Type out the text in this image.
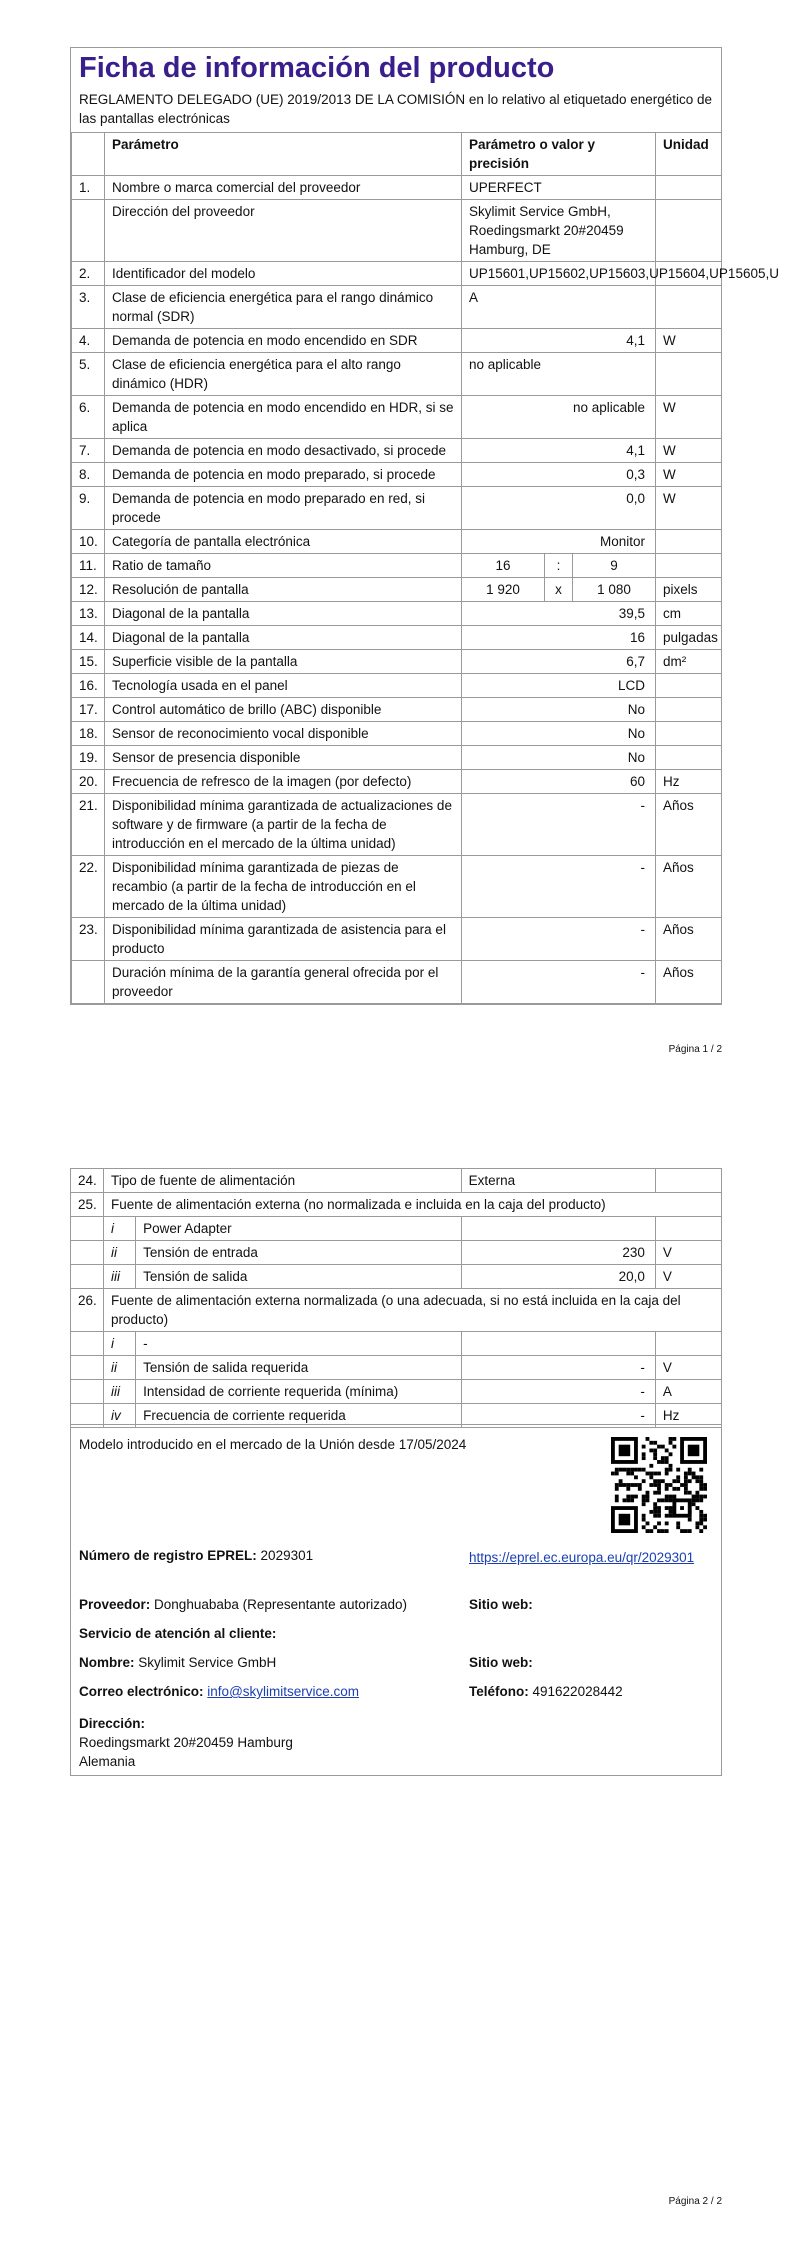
Ficha de información del producto
REGLAMENTO DELEGADO (UE) 2019/2013 DE LA COMISIÓN en lo relativo al etiquetado energético de las pantallas electrónicas
	Parámetro	Parámetro o valor y precisión			Unidad
1.	Nombre o marca comercial del proveedor	UPERFECT			
	Dirección del proveedor	Skylimit Service GmbH, Roedingsmarkt 20#20459 Hamburg, DE			
2.	Identificador del modelo	UP15601,UP15602,UP15603,UP15604,UP15605,U			
3.	Clase de eficiencia energética para el rango dinámico normal (SDR)	A			
4.	Demanda de potencia en modo encendido en SDR	4,1			W
5.	Clase de eficiencia energética para el alto rango dinámico (HDR)	no aplicable			
6.	Demanda de potencia en modo encendido en HDR, si se aplica	no aplicable			W
7.	Demanda de potencia en modo desactivado, si procede	4,1			W
8.	Demanda de potencia en modo preparado, si procede	0,3			W
9.	Demanda de potencia en modo preparado en red, si procede	0,0			W
10.	Categoría de pantalla electrónica	Monitor			
11.	Ratio de tamaño	16	:	9	
12.	Resolución de pantalla	1 920	x	1 080	pixels
13.	Diagonal de la pantalla	39,5			cm
14.	Diagonal de la pantalla	16			pulgadas
15.	Superficie visible de la pantalla	6,7			dm²
16.	Tecnología usada en el panel	LCD			
17.	Control automático de brillo (ABC) disponible	No			
18.	Sensor de reconocimiento vocal disponible	No			
19.	Sensor de presencia disponible	No			
20.	Frecuencia de refresco de la imagen (por defecto)	60			Hz
21.	Disponibilidad mínima garantizada de actualizaciones de software y de firmware (a partir de la fecha de introducción en el mercado de la última unidad)	-			Años
22.	Disponibilidad mínima garantizada de piezas de recambio (a partir de la fecha de introducción en el mercado de la última unidad)	-			Años
23.	Disponibilidad mínima garantizada de asistencia para el producto	-			Años
	Duración mínima de la garantía general ofrecida por el proveedor	-			Años
Página 1 / 2
24.	Tipo de fuente de alimentación		Externa	
25.	Fuente de alimentación externa (no normalizada e incluida en la caja del producto)			
	i	Power Adapter		
	ii	Tensión de entrada	230	V
	iii	Tensión de salida	20,0	V
26.	Fuente de alimentación externa normalizada (o una adecuada, si no está incluida en la caja del producto)			
	i	-		
	ii	Tensión de salida requerida	-	V
	iii	Intensidad de corriente requerida (mínima)	-	A
	iv	Frecuencia de corriente requerida	-	Hz
Modelo introducido en el mercado de la Unión desde 17/05/2024
Número de registro EPREL: 2029301	https://eprel.ec.europa.eu/qr/2029301
Proveedor: Donghuababa (Representante autorizado)	Sitio web:
Servicio de atención al cliente:
Nombre: Skylimit Service GmbH	Sitio web:
Correo electrónico: info@skylimitservice.com	Teléfono: 491622028442
Dirección:
Roedingsmarkt 20#20459 Hamburg
Alemania
Página 2 / 2
